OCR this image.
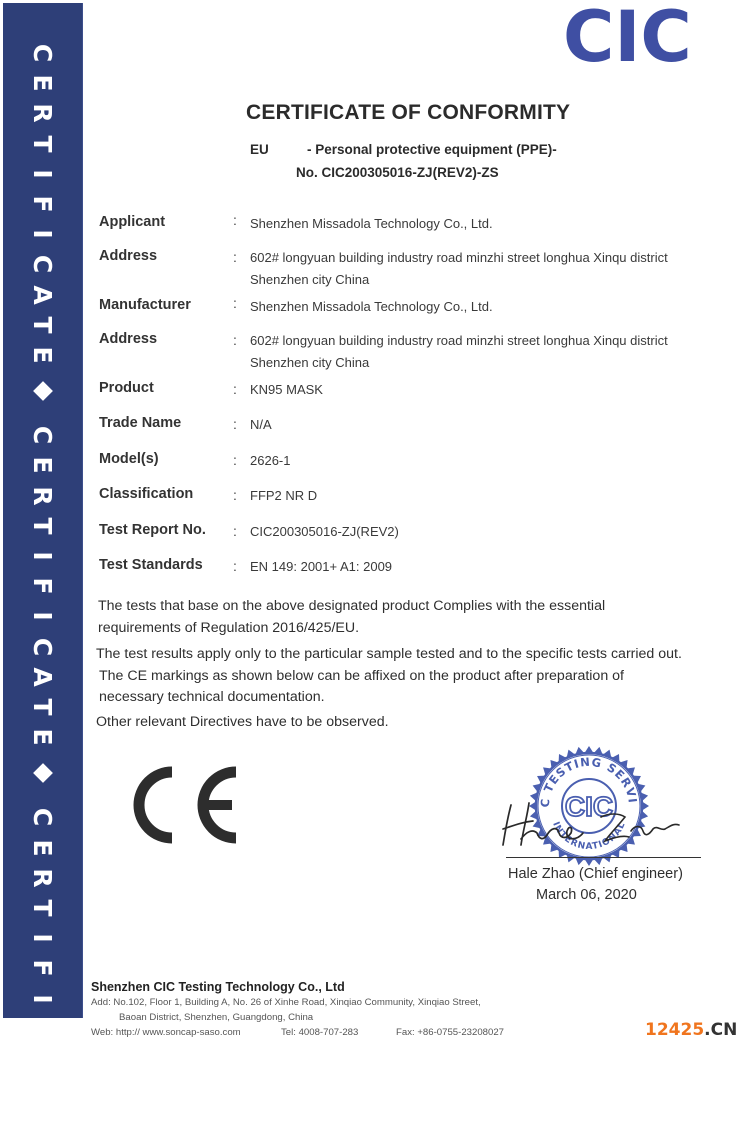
C
E
R
T
I
F
I
C
A
T
E
C
E
R
T
I
F
I
C
A
T
E
C
E
R
T
I
F
I
C
A
T
E
CIC
CERTIFICATE OF CONFORMITY
EU	- Personal protective equipment (PPE)-
No. CIC200305016-ZJ(REV2)-ZS
Applicant	: Shenzhen Missadola Technology Co., Ltd.
Address	: 602# longyuan building industry road minzhi street longhua Xinqu district
Shenzhen city China
Manufacturer	: Shenzhen Missadola Technology Co., Ltd.
Address	: 602# longyuan building industry road minzhi street longhua Xinqu district
Shenzhen city China
Product	: KN95 MASK
Trade Name	: N/A
Model(s)	: 2626-1
Classification	: FFP2 NR D
Test Report No. : CIC200305016-ZJ(REV2)
Test Standards : EN 149: 2001+ A1: 2009
The tests that base on the above designated product Complies with the essential
requirements of Regulation 2016/425/EU.
The test results apply only to the particular sample tested and to the specific tests carried out.
The CE markings as shown below can be affixed on the product after preparation of
necessary technical documentation.
Other relevant Directives have to be observed.
C TESTING SERVI
INTERNATIONAL
CIC
Hale Zhao (Chief engineer)
March 06, 2020
Shenzhen CIC Testing Technology Co., Ltd
Add: No.102, Floor 1, Building A, No. 26 of Xinhe Road, Xinqiao Community, Xinqiao Street,
Baoan District, Shenzhen, Guangdong, China
Web: http:// www.soncap-saso.com	Tel: 4008-707-283	Fax: +86-0755-23208027	12425.CN
